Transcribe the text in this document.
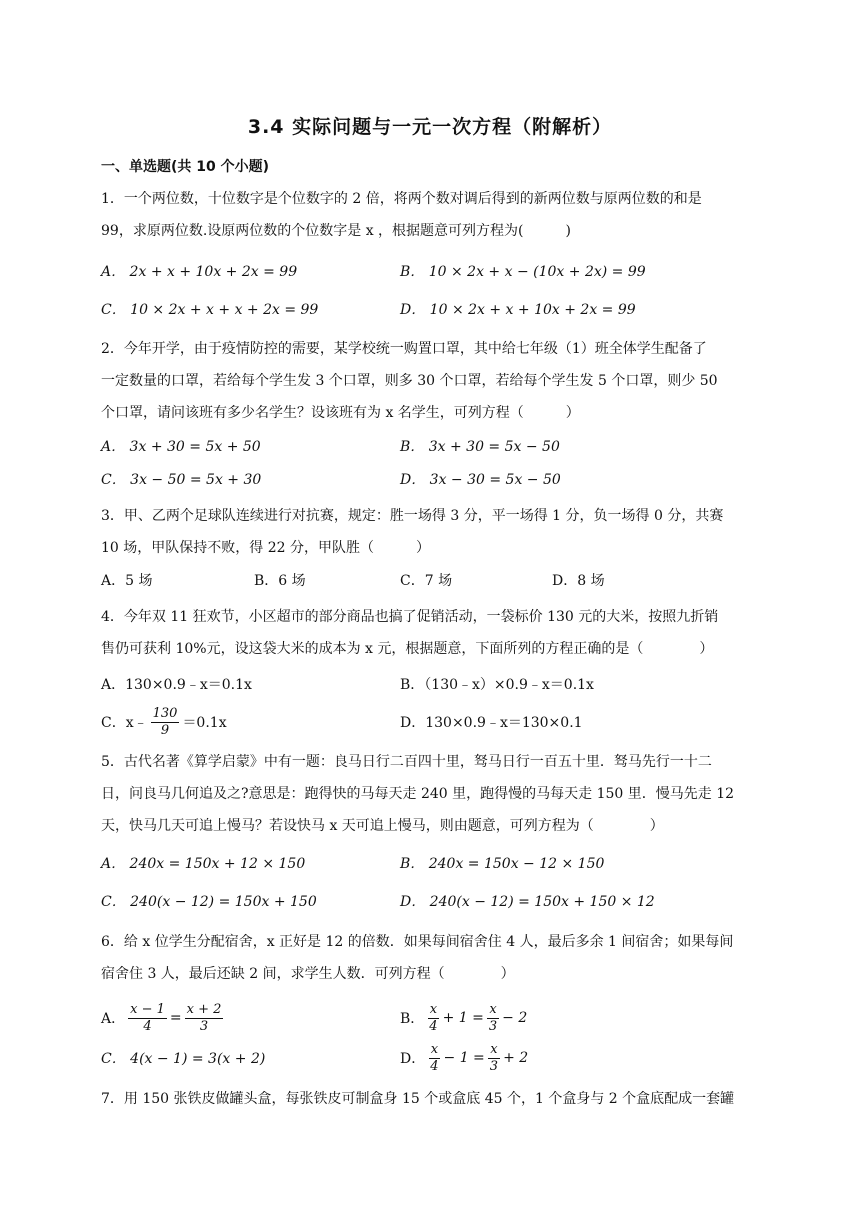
3.4 实际问题与一元一次方程（附解析）
一、单选题(共 10 个小题)

1．一个两位数，十位数字是个位数字的 2 倍，将两个数对调后得到的新两位数与原两位数的和是

99，求原两位数.设原两位数的个位数字是 x ，根据题意可列方程为(　　　)

A． 2x + x + 10x + 2x = 99	B． 10 × 2x + x − (10x + 2x) = 99
C． 10 × 2x + x + x + 2x = 99	D． 10 × 2x + x + 10x + 2x = 99

2．今年开学，由于疫情防控的需要，某学校统一购置口罩，其中给七年级（1）班全体学生配备了

一定数量的口罩，若给每个学生发 3 个口罩，则多 30 个口罩，若给每个学生发 5 个口罩，则少 50

个口罩，请问该班有多少名学生？设该班有为 x 名学生，可列方程（　　　）

A． 3x + 30 = 5x + 50	B． 3x + 30 = 5x − 50
C． 3x − 50 = 5x + 30	D． 3x − 30 = 5x − 50

3．甲、乙两个足球队连续进行对抗赛，规定：胜一场得 3 分，平一场得 1 分，负一场得 0 分，共赛

10 场，甲队保持不败，得 22 分，甲队胜（　　　）

A．5 场	B．6 场	C．7 场	D．8 场

4．今年双 11 狂欢节，小区超市的部分商品也搞了促销活动，一袋标价 130 元的大米，按照九折销

售仍可获利 10%元，设这袋大米的成本为 x 元，根据题意，下面所列的方程正确的是（　　　　）

A．130×0.9﹣x＝0.1x	B．（130﹣x）×0.9﹣x＝0.1x
C．x﹣ $\frac{130}{9} =0.1x$	D．130×0.9﹣x＝130×0.1

5．古代名著《算学启蒙》中有一题：良马日行二百四十里，驽马日行一百五十里．驽马先行一十二

日，问良马几何追及之?意思是：跑得快的马每天走 240 里，跑得慢的马每天走 150 里．慢马先走 12

天，快马几天可追上慢马？若设快马 x 天可追上慢马，则由题意，可列方程为（　　　　）

A． 240x = 150x + 12 × 150	B． 240x = 150x − 12 × 150
C． 240(x − 12) = 150x + 150	D． 240(x − 12) = 150x + 150 × 12

6．给 x 位学生分配宿舍，x 正好是 12 的倍数．如果每间宿舍住 4 人，最后多余 1 间宿舍；如果每间

宿舍住 3 人，最后还缺 2 间，求学生人数．可列方程（　　　　）

A． $\frac{x - 1}{4} = \frac{x + 2}{3}$	B． $\frac{x}{4} + 1 = \frac{x}{3} - 2$
C． 4(x − 1) = 3(x + 2)	D． $\frac{x}{4} - 1 = \frac{x}{3} + 2$

7．用 150 张铁皮做罐头盒，每张铁皮可制盒身 15 个或盒底 45 个，1 个盒身与 2 个盒底配成一套罐
